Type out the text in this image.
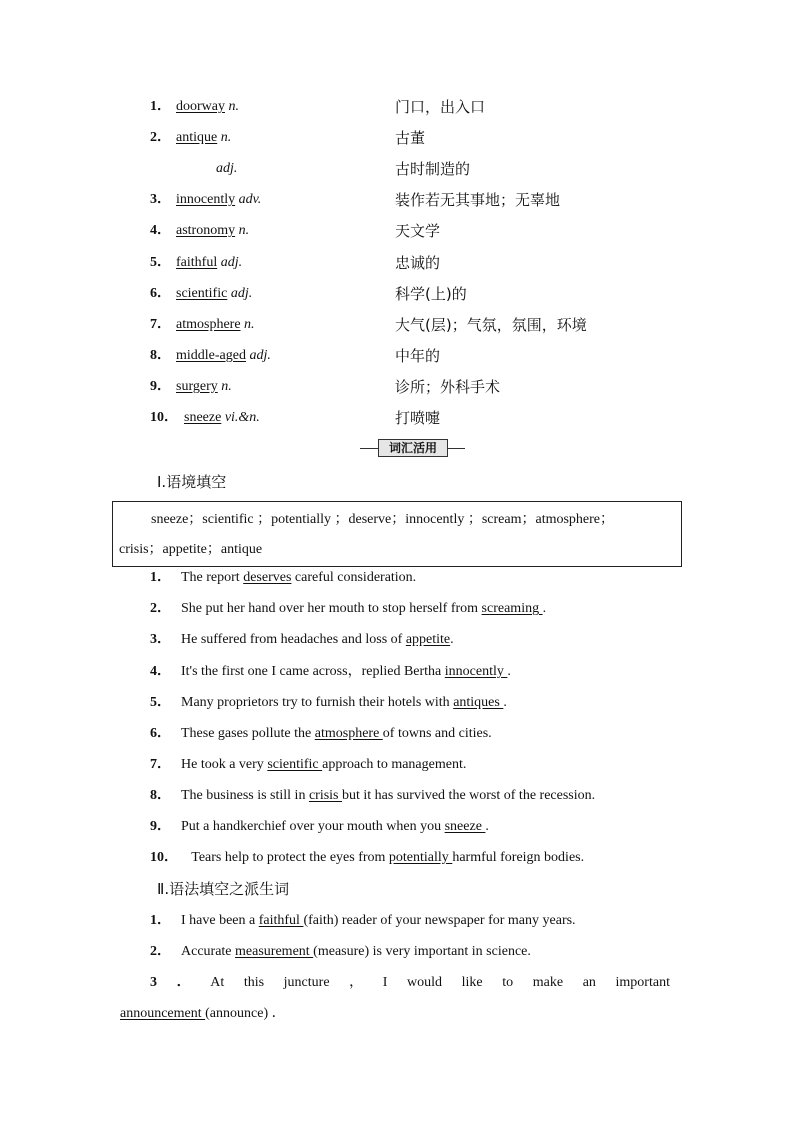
1． doorway n.	门口，出入口
2． antique n.	古董
adj.	古时制造的
3． innocently adv.	装作若无其事地；无辜地
4． astronomy n.	天文学
5． faithful adj.	忠诚的
6． scientific adj.	科学(上)的
7． atmosphere n.	大气(层)；气氛，氛围，环境
8． middle-aged adj.	中年的
9． surgery n.	诊所；外科手术
10． sneeze vi.&n.	打喷嚏
词汇活用
Ⅰ.语境填空
sneeze；scientific ；potentially ；deserve；innocently ；scream；atmosphere；
crisis；appetite；antique
1． The report deserves careful consideration.
2． She put her hand over her mouth to stop herself from screaming .
3． He suffered from headaches and loss of appetite.
4． It's the first one I came across，replied Bertha innocently .
5． Many proprietors try to furnish their hotels with antiques .
6． These gases pollute the atmosphere of towns and cities.
7． He took a very scientific approach to management.
8． The business is still in crisis but it has survived the worst of the recession.
9． Put a handkerchief over your mouth when you sneeze .
10． Tears help to protect the eyes from potentially harmful foreign bodies.
Ⅱ.语法填空之派生词
1． I have been a faithful (faith) reader of your newspaper for many years.
2． Accurate measurement (measure) is very important in science.
3 ． At this juncture ， I would like to make an important
announcement (announce) ．
